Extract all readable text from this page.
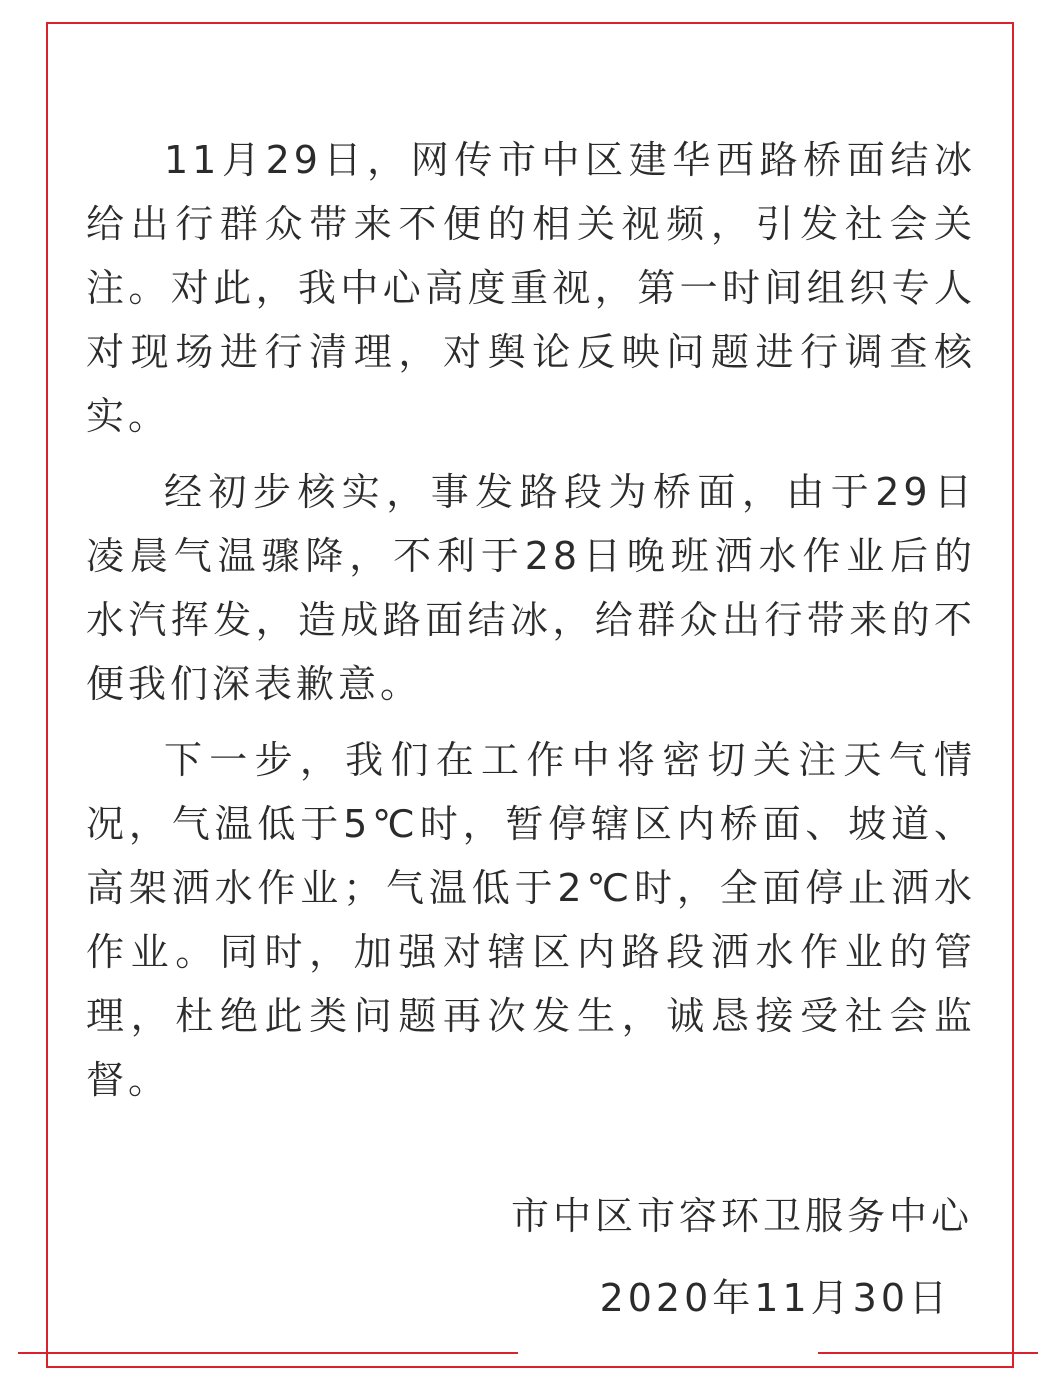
11月29日，网传市中区建华西路桥面结冰给出行群众带来不便的相关视频，引发社会关注。对此，我中心高度重视，第一时间组织专人对现场进行清理，对舆论反映问题进行调查核实。

经初步核实，事发路段为桥面，由于29日凌晨气温骤降，不利于28日晚班洒水作业后的水汽挥发，造成路面结冰，给群众出行带来的不便我们深表歉意。

下一步，我们在工作中将密切关注天气情况，气温低于5℃时，暂停辖区内桥面、坡道、高架洒水作业；气温低于2℃时，全面停止洒水作业。同时，加强对辖区内路段洒水作业的管理，杜绝此类问题再次发生，诚恳接受社会监督。

市中区市容环卫服务中心
2020年11月30日
